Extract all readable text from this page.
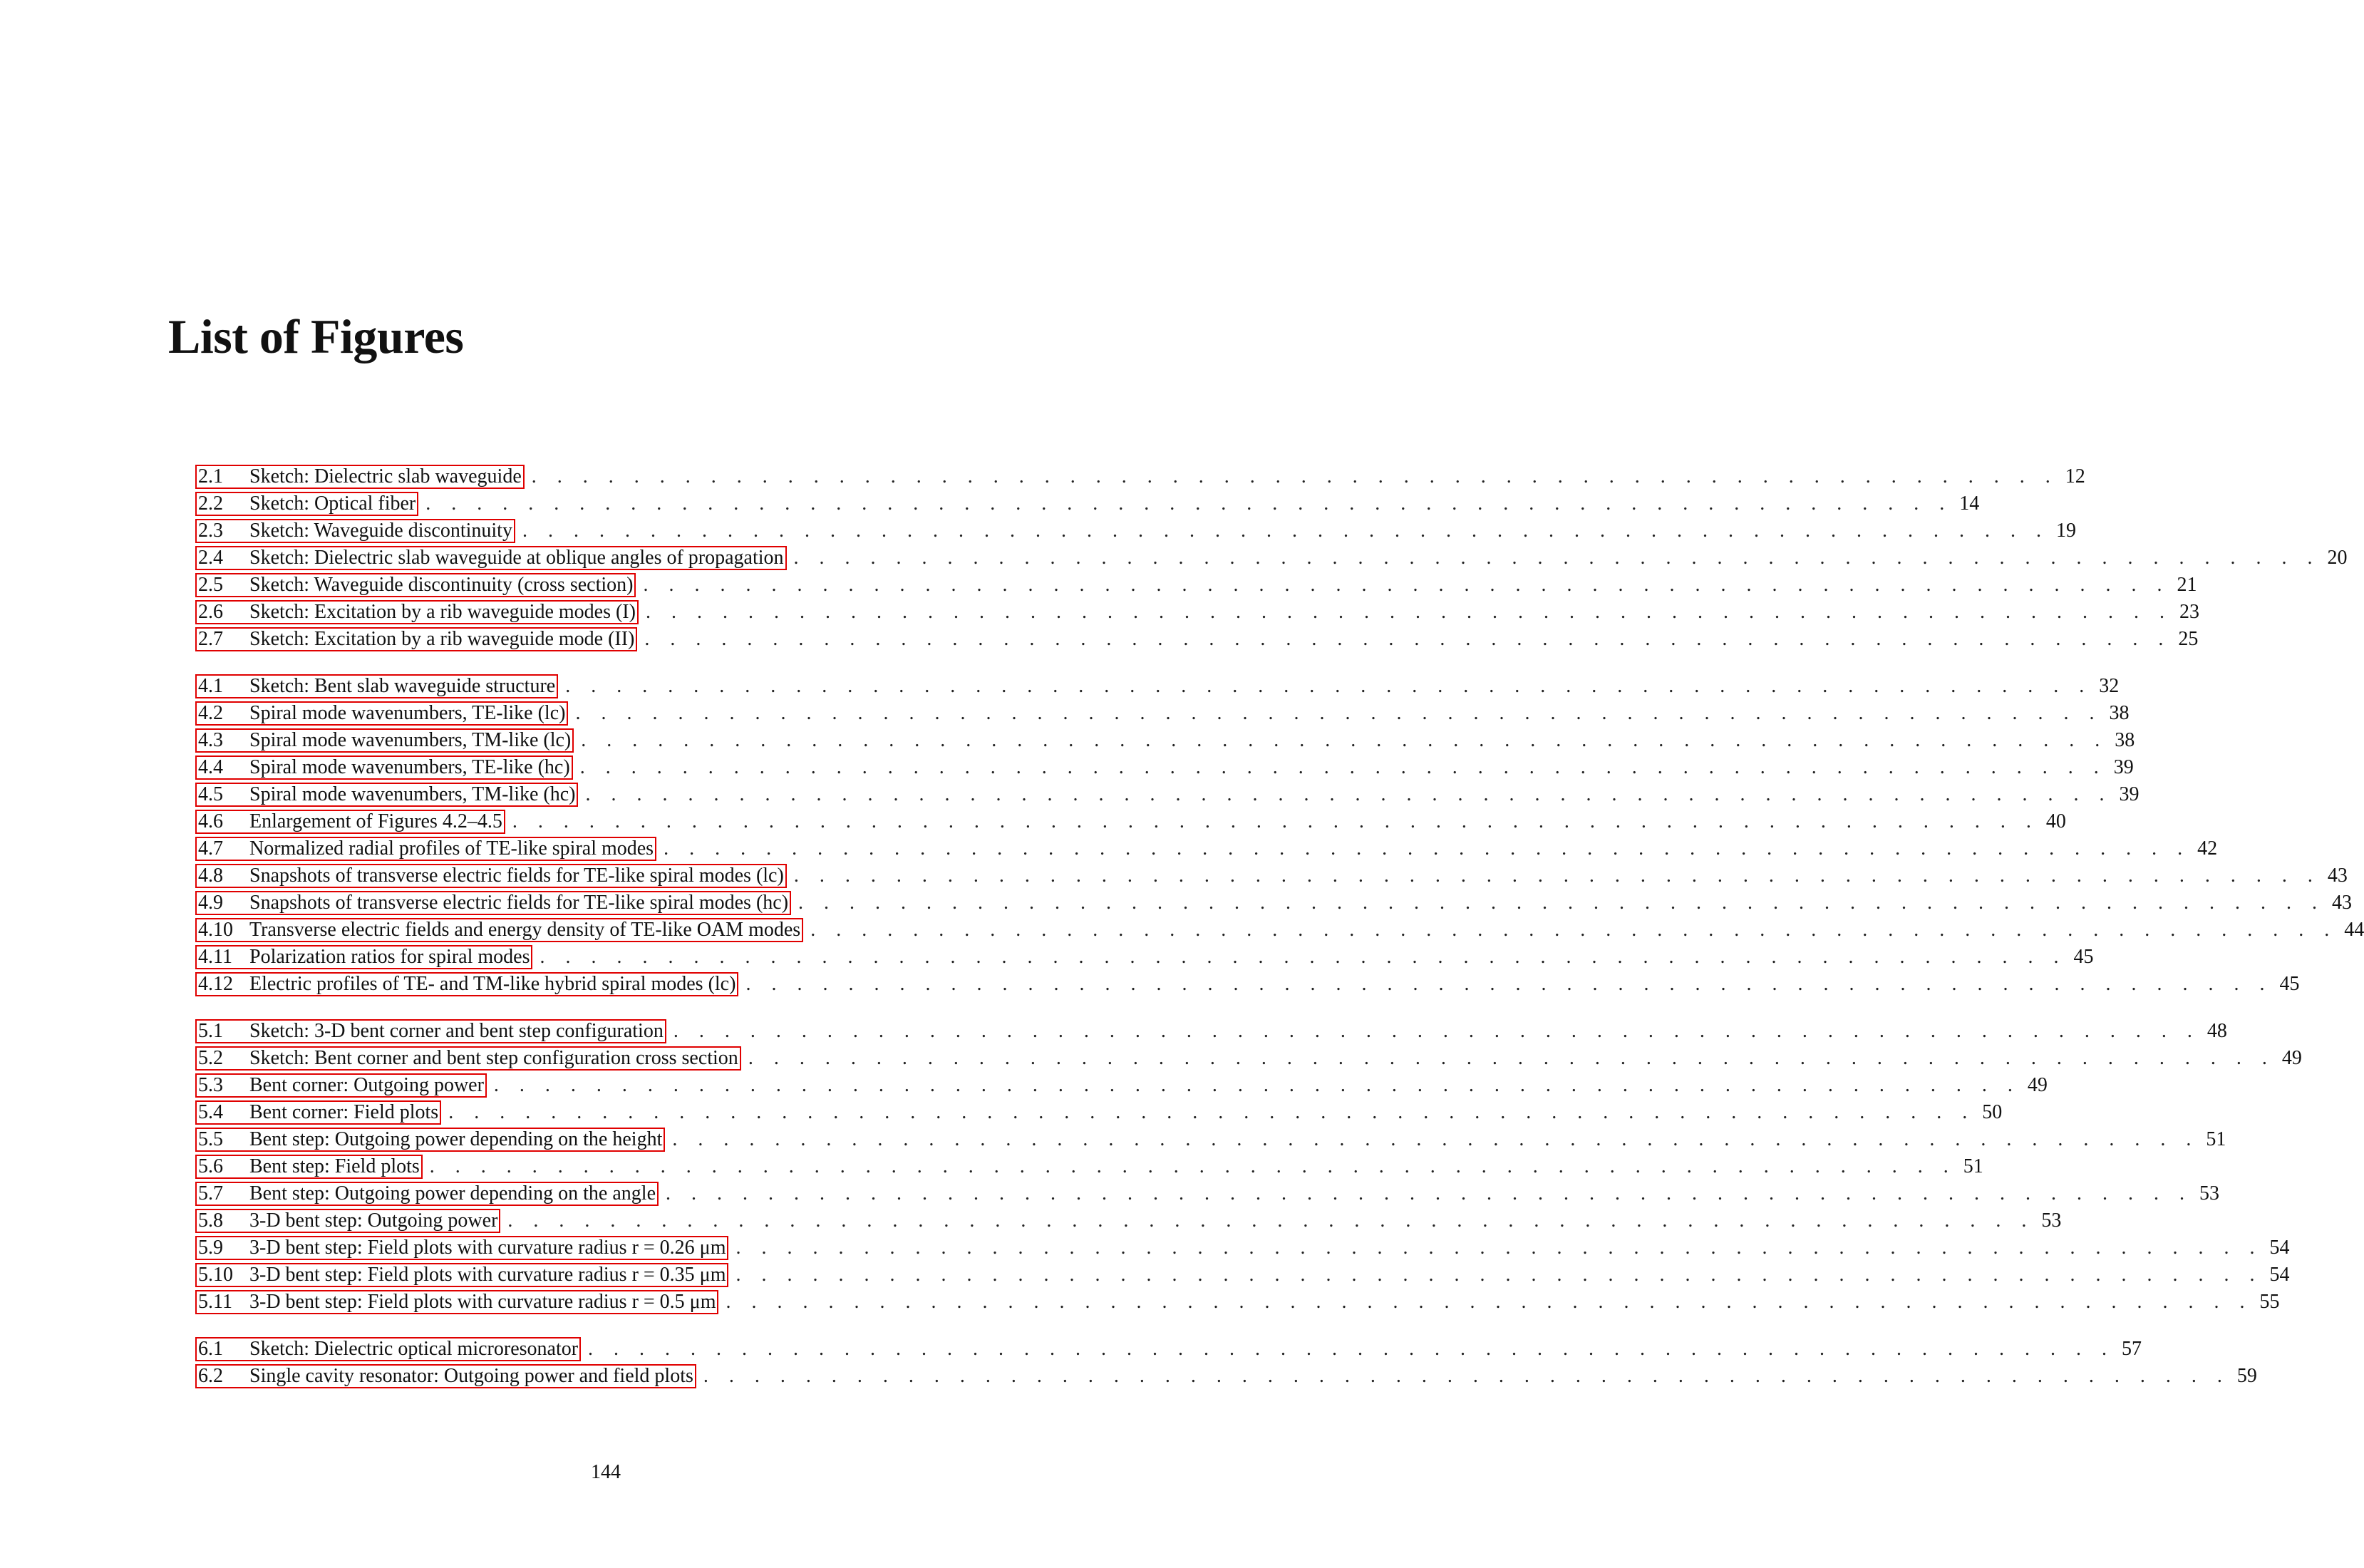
List of Figures
2.1	Sketch: Dielectric slab waveguide . . . . . . . . . . . . . . . . . . . . . . . . . . . . . . . . . . . . . . . . . . . . . . . . . . . . . . . . . . . . 12
2.2	Sketch: Optical fiber . . . . . . . . . . . . . . . . . . . . . . . . . . . . . . . . . . . . . . . . . . . . . . . . . . . . . . . . . . . . 14
2.3	Sketch: Waveguide discontinuity . . . . . . . . . . . . . . . . . . . . . . . . . . . . . . . . . . . . . . . . . . . . . . . . . . . . . . . . . . . . 19
2.4	Sketch: Dielectric slab waveguide at oblique angles of propagation . . . . . . . . . . . . . . . . . . . . . . . . . . . . . . . . . . . . . . . . . . . . . . . . . . . . . . . . . . . . 20
2.5	Sketch: Waveguide discontinuity (cross section) . . . . . . . . . . . . . . . . . . . . . . . . . . . . . . . . . . . . . . . . . . . . . . . . . . . . . . . . . . . . 21
2.6	Sketch: Excitation by a rib waveguide modes (I) . . . . . . . . . . . . . . . . . . . . . . . . . . . . . . . . . . . . . . . . . . . . . . . . . . . . . . . . . . . . 23
2.7	Sketch: Excitation by a rib waveguide mode (II) . . . . . . . . . . . . . . . . . . . . . . . . . . . . . . . . . . . . . . . . . . . . . . . . . . . . . . . . . . . . 25
4.1	Sketch: Bent slab waveguide structure . . . . . . . . . . . . . . . . . . . . . . . . . . . . . . . . . . . . . . . . . . . . . . . . . . . . . . . . . . . . 32
4.2	Spiral mode wavenumbers, TE-like (lc) . . . . . . . . . . . . . . . . . . . . . . . . . . . . . . . . . . . . . . . . . . . . . . . . . . . . . . . . . . . . 38
4.3	Spiral mode wavenumbers, TM-like (lc) . . . . . . . . . . . . . . . . . . . . . . . . . . . . . . . . . . . . . . . . . . . . . . . . . . . . . . . . . . . . 38
4.4	Spiral mode wavenumbers, TE-like (hc) . . . . . . . . . . . . . . . . . . . . . . . . . . . . . . . . . . . . . . . . . . . . . . . . . . . . . . . . . . . . 39
4.5	Spiral mode wavenumbers, TM-like (hc) . . . . . . . . . . . . . . . . . . . . . . . . . . . . . . . . . . . . . . . . . . . . . . . . . . . . . . . . . . . . 39
4.6	Enlargement of Figures 4.2–4.5 . . . . . . . . . . . . . . . . . . . . . . . . . . . . . . . . . . . . . . . . . . . . . . . . . . . . . . . . . . . . 40
4.7	Normalized radial profiles of TE-like spiral modes . . . . . . . . . . . . . . . . . . . . . . . . . . . . . . . . . . . . . . . . . . . . . . . . . . . . . . . . . . . . 42
4.8	Snapshots of transverse electric fields for TE-like spiral modes (lc) . . . . . . . . . . . . . . . . . . . . . . . . . . . . . . . . . . . . . . . . . . . . . . . . . . . . . . . . . . . . 43
4.9	Snapshots of transverse electric fields for TE-like spiral modes (hc) . . . . . . . . . . . . . . . . . . . . . . . . . . . . . . . . . . . . . . . . . . . . . . . . . . . . . . . . . . . . 43
4.10 Transverse electric fields and energy density of TE-like OAM modes . . . . . . . . . . . . . . . . . . . . . . . . . . . . . . . . . . . . . . . . . . . . . . . . . . . . . . . . . . . . 44
4.11 Polarization ratios for spiral modes . . . . . . . . . . . . . . . . . . . . . . . . . . . . . . . . . . . . . . . . . . . . . . . . . . . . . . . . . . . . 45
4.12 Electric profiles of TE- and TM-like hybrid spiral modes (lc) . . . . . . . . . . . . . . . . . . . . . . . . . . . . . . . . . . . . . . . . . . . . . . . . . . . . . . . . . . . . 45
5.1	Sketch: 3-D bent corner and bent step configuration . . . . . . . . . . . . . . . . . . . . . . . . . . . . . . . . . . . . . . . . . . . . . . . . . . . . . . . . . . . . 48
5.2	Sketch: Bent corner and bent step configuration cross section . . . . . . . . . . . . . . . . . . . . . . . . . . . . . . . . . . . . . . . . . . . . . . . . . . . . . . . . . . . . 49
5.3	Bent corner: Outgoing power . . . . . . . . . . . . . . . . . . . . . . . . . . . . . . . . . . . . . . . . . . . . . . . . . . . . . . . . . . . . 49
5.4	Bent corner: Field plots . . . . . . . . . . . . . . . . . . . . . . . . . . . . . . . . . . . . . . . . . . . . . . . . . . . . . . . . . . . . 50
5.5	Bent step: Outgoing power depending on the height . . . . . . . . . . . . . . . . . . . . . . . . . . . . . . . . . . . . . . . . . . . . . . . . . . . . . . . . . . . . 51
5.6	Bent step: Field plots . . . . . . . . . . . . . . . . . . . . . . . . . . . . . . . . . . . . . . . . . . . . . . . . . . . . . . . . . . . . 51
5.7	Bent step: Outgoing power depending on the angle . . . . . . . . . . . . . . . . . . . . . . . . . . . . . . . . . . . . . . . . . . . . . . . . . . . . . . . . . . . . 53
5.8	3-D bent step: Outgoing power . . . . . . . . . . . . . . . . . . . . . . . . . . . . . . . . . . . . . . . . . . . . . . . . . . . . . . . . . . . . 53
5.9	3-D bent step: Field plots with curvature radius r = 0.26 μm . . . . . . . . . . . . . . . . . . . . . . . . . . . . . . . . . . . . . . . . . . . . . . . . . . . . . . . . . . . . 54
5.10 3-D bent step: Field plots with curvature radius r = 0.35 μm . . . . . . . . . . . . . . . . . . . . . . . . . . . . . . . . . . . . . . . . . . . . . . . . . . . . . . . . . . . . 54
5.11 3-D bent step: Field plots with curvature radius r = 0.5 μm . . . . . . . . . . . . . . . . . . . . . . . . . . . . . . . . . . . . . . . . . . . . . . . . . . . . . . . . . . . . 55
6.1	Sketch: Dielectric optical microresonator . . . . . . . . . . . . . . . . . . . . . . . . . . . . . . . . . . . . . . . . . . . . . . . . . . . . . . . . . . . . 57
6.2	Single cavity resonator: Outgoing power and field plots . . . . . . . . . . . . . . . . . . . . . . . . . . . . . . . . . . . . . . . . . . . . . . . . . . . . . . . . . . . . 59
144
